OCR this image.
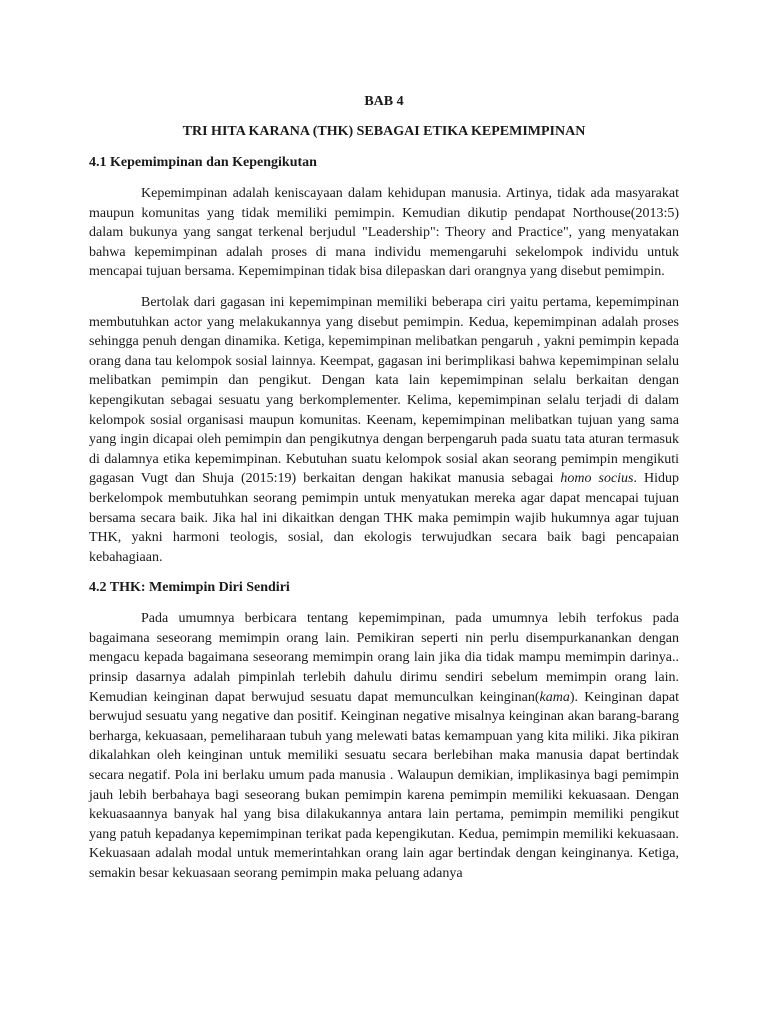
BAB 4
TRI HITA KARANA (THK) SEBAGAI ETIKA KEPEMIMPINAN
4.1 Kepemimpinan dan Kepengikutan

Kepemimpinan adalah keniscayaan dalam kehidupan manusia. Artinya, tidak ada masyarakat maupun komunitas yang tidak memiliki pemimpin. Kemudian dikutip pendapat Northouse(2013:5) dalam bukunya yang sangat terkenal berjudul "Leadership": Theory and Practice", yang menyatakan bahwa kepemimpinan adalah proses di mana individu memengaruhi sekelompok individu untuk mencapai tujuan bersama. Kepemimpinan tidak bisa dilepaskan dari orangnya yang disebut pemimpin.

Bertolak dari gagasan ini kepemimpinan memiliki beberapa ciri yaitu pertama, kepemimpinan membutuhkan actor yang melakukannya yang disebut pemimpin. Kedua, kepemimpinan adalah proses sehingga penuh dengan dinamika. Ketiga, kepemimpinan melibatkan pengaruh , yakni pemimpin kepada orang dana tau kelompok sosial lainnya. Keempat, gagasan ini berimplikasi bahwa kepemimpinan selalu melibatkan pemimpin dan pengikut. Dengan kata lain kepemimpinan selalu berkaitan dengan kepengikutan sebagai sesuatu yang berkomplementer. Kelima, kepemimpinan selalu terjadi di dalam kelompok sosial organisasi maupun komunitas. Keenam, kepemimpinan melibatkan tujuan yang sama yang ingin dicapai oleh pemimpin dan pengikutnya dengan berpengaruh pada suatu tata aturan termasuk di dalamnya etika kepemimpinan. Kebutuhan suatu kelompok sosial akan seorang pemimpin mengikuti gagasan Vugt dan Shuja (2015:19) berkaitan dengan hakikat manusia sebagai homo socius. Hidup berkelompok membutuhkan seorang pemimpin untuk menyatukan mereka agar dapat mencapai tujuan bersama secara baik. Jika hal ini dikaitkan dengan THK maka pemimpin wajib hukumnya agar tujuan THK, yakni harmoni teologis, sosial, dan ekologis terwujudkan secara baik bagi pencapaian kebahagiaan.

4.2 THK: Memimpin Diri Sendiri

Pada umumnya berbicara tentang kepemimpinan, pada umumnya lebih terfokus pada bagaimana seseorang memimpin orang lain. Pemikiran seperti nin perlu disempurkanankan dengan mengacu kepada bagaimana seseorang memimpin orang lain jika dia tidak mampu memimpin darinya.. prinsip dasarnya adalah pimpinlah terlebih dahulu dirimu sendiri sebelum memimpin orang lain. Kemudian keinginan dapat berwujud sesuatu dapat memunculkan keinginan(kama). Keinginan dapat berwujud sesuatu yang negative dan positif. Keinginan negative misalnya keinginan akan barang-barang berharga, kekuasaan, pemeliharaan tubuh yang melewati batas kemampuan yang kita miliki. Jika pikiran dikalahkan oleh keinginan untuk memiliki sesuatu secara berlebihan maka manusia dapat bertindak secara negatif. Pola ini berlaku umum pada manusia . Walaupun demikian, implikasinya bagi pemimpin jauh lebih berbahaya bagi seseorang bukan pemimpin karena pemimpin memiliki kekuasaan. Dengan kekuasaannya banyak hal yang bisa dilakukannya antara lain pertama, pemimpin memiliki pengikut yang patuh kepadanya kepemimpinan terikat pada kepengikutan. Kedua, pemimpin memiliki kekuasaan. Kekuasaan adalah modal untuk memerintahkan orang lain agar bertindak dengan keinginanya. Ketiga, semakin besar kekuasaan seorang pemimpin maka peluang adanya
